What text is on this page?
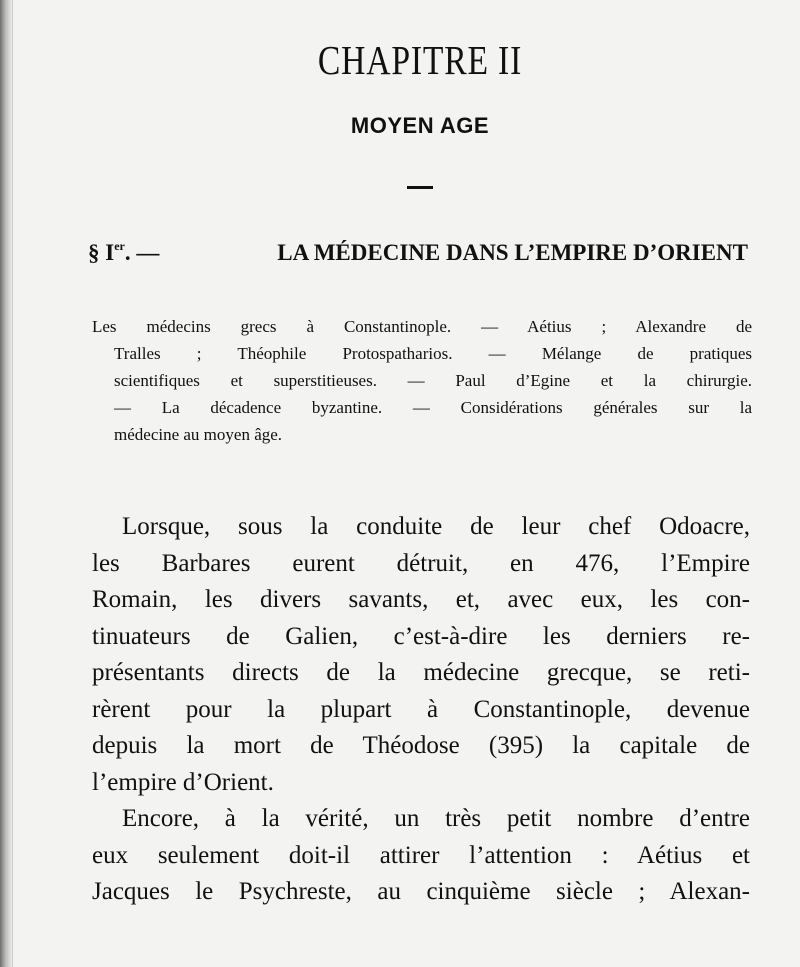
CHAPITRE II
MOYEN AGE
§ Ier. —	LA MÉDECINE DANS L’EMPIRE D’ORIENT
Les médecins grecs à Constantinople. — Aétius ; Alexandre de
Tralles ; Théophile Protospatharios. — Mélange de pratiques
scientifiques et superstitieuses. — Paul d’Egine et la chirurgie.
— La décadence byzantine. — Considérations générales sur la
médecine au moyen âge.
Lorsque, sous la conduite de leur chef Odoacre,
les Barbares eurent détruit, en 476, l’Empire
Romain, les divers savants, et, avec eux, les con-
tinuateurs de Galien, c’est-à-dire les derniers re-
présentants directs de la médecine grecque, se reti-
rèrent pour la plupart à Constantinople, devenue
depuis la mort de Théodose (395) la capitale de
l’empire d’Orient.
Encore, à la vérité, un très petit nombre d’entre
eux seulement doit-il attirer l’attention : Aétius et
Jacques le Psychreste, au cinquième siècle ; Alexan-
